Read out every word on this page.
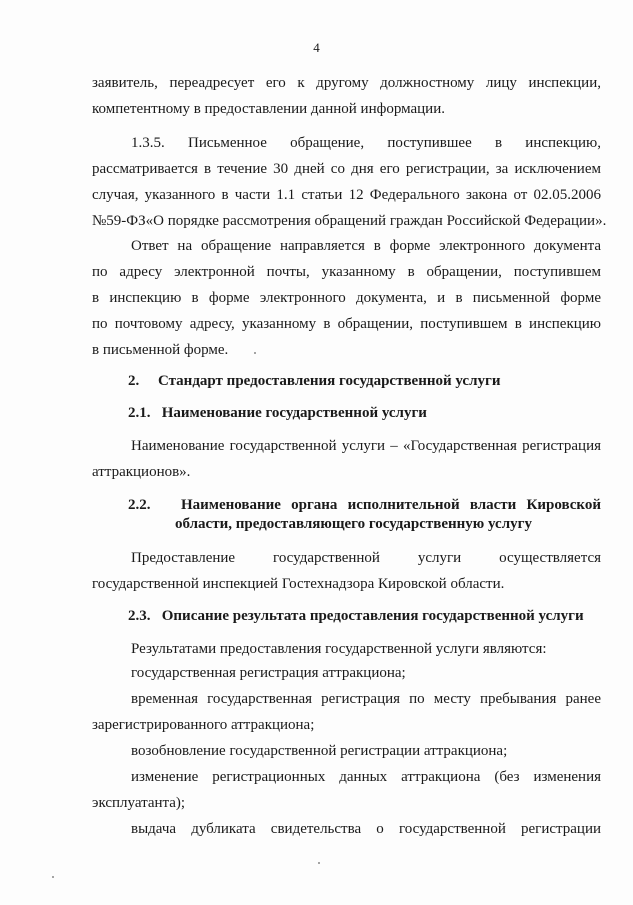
4
заявитель, переадресует его к другому должностному лицу инспекции,
компетентному в предоставлении данной информации.
1.3.5. Письменное обращение, поступившее в инспекцию,
рассматривается в течение 30 дней со дня его регистрации, за исключением
случая, указанного в части 1.1 статьи 12 Федерального закона от 02.05.2006
№59-ФЗ«О порядке рассмотрения обращений граждан Российской Федерации».
Ответ на обращение направляется в форме электронного документа
по адресу электронной почты, указанному в обращении, поступившем
в инспекцию в форме электронного документа, и в письменной форме
по почтовому адресу, указанному в обращении, поступившем в инспекцию
в письменной форме.
2.     Стандарт предоставления государственной услуги
2.1.   Наименование государственной услуги
Наименование государственной услуги – «Государственная регистрация
аттракционов».
2.2.   Наименование органа исполнительной власти Кировской
области, предоставляющего государственную услугу
Предоставление государственной услуги осуществляется
государственной инспекцией Гостехнадзора Кировской области.
2.3.   Описание результата предоставления государственной услуги
Результатами предоставления государственной услуги являются:
государственная регистрация аттракциона;
временная государственная регистрация по месту пребывания ранее
зарегистрированного аттракциона;
возобновление государственной регистрации аттракциона;
изменение регистрационных данных аттракциона (без изменения
эксплуатанта);
выдача дубликата свидетельства о государственной регистрации
